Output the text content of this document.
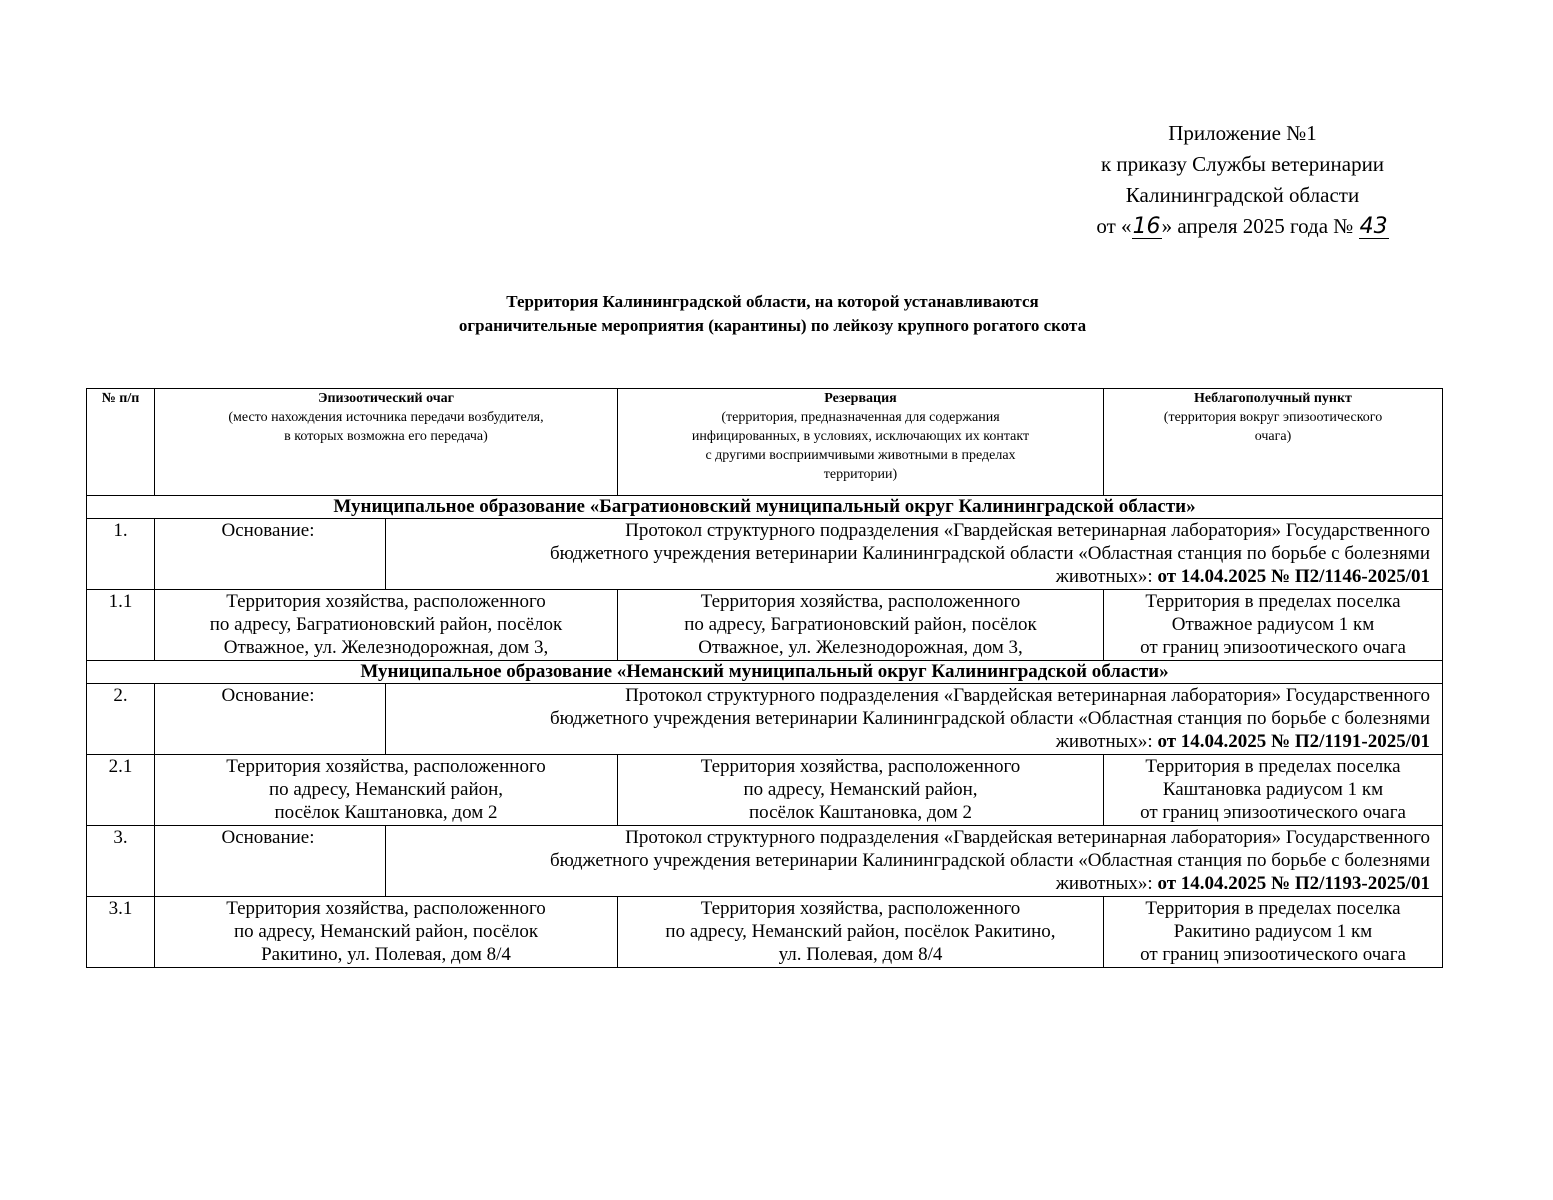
Приложение №1
к приказу Службы ветеринарии
Калининградской области
от «16» апреля 2025 года № 43
Территория Калининградской области, на которой устанавливаются
ограничительные мероприятия (карантины) по лейкозу крупного рогатого скота
№ п/п	Эпизоотический очаг
(место нахождения источника передачи возбудителя,
в которых возможна его передача)		Резервация
(территория, предназначенная для содержания
инфицированных, в условиях, исключающих их контакт
с другими восприимчивыми животными в пределах
территории)	Неблагополучный пункт
(территория вокруг эпизоотического
очага)

Муниципальное образование «Багратионовский муниципальный округ Калининградской области»				
1.	Основание:	Протокол структурного подразделения «Гвардейская ветеринарная лаборатория» Государственного
бюджетного учреждения ветеринарии Калининградской области «Областная станция по борьбе с болезнями
животных»: от 14.04.2025 № П2/1146-2025/01		

1.1	Территория хозяйства, расположенного
по адресу, Багратионовский район, посёлок
Отважное, ул. Железнодорожная, дом 3,		Территория хозяйства, расположенного
по адресу, Багратионовский район, посёлок
Отважное, ул. Железнодорожная, дом 3,	Территория в пределах поселка
Отважное радиусом 1 км
от границ эпизоотического очага

Муниципальное образование «Неманский муниципальный округ Калининградской области»				
2.	Основание:	Протокол структурного подразделения «Гвардейская ветеринарная лаборатория» Государственного
бюджетного учреждения ветеринарии Калининградской области «Областная станция по борьбе с болезнями
животных»: от 14.04.2025 № П2/1191-2025/01		

2.1	Территория хозяйства, расположенного
по адресу, Неманский район,
посёлок Каштановка, дом 2		Территория хозяйства, расположенного
по адресу, Неманский район,
посёлок Каштановка, дом 2	Территория в пределах поселка
Каштановка радиусом 1 км
от границ эпизоотического очага

3.	Основание:	Протокол структурного подразделения «Гвардейская ветеринарная лаборатория» Государственного
бюджетного учреждения ветеринарии Калининградской области «Областная станция по борьбе с болезнями
животных»: от 14.04.2025 № П2/1193-2025/01		

3.1	Территория хозяйства, расположенного
по адресу, Неманский район, посёлок
Ракитино, ул. Полевая, дом 8/4		Территория хозяйства, расположенного
по адресу, Неманский район, посёлок Ракитино,
ул. Полевая, дом 8/4	Территория в пределах поселка
Ракитино радиусом 1 км
от границ эпизоотического очага
